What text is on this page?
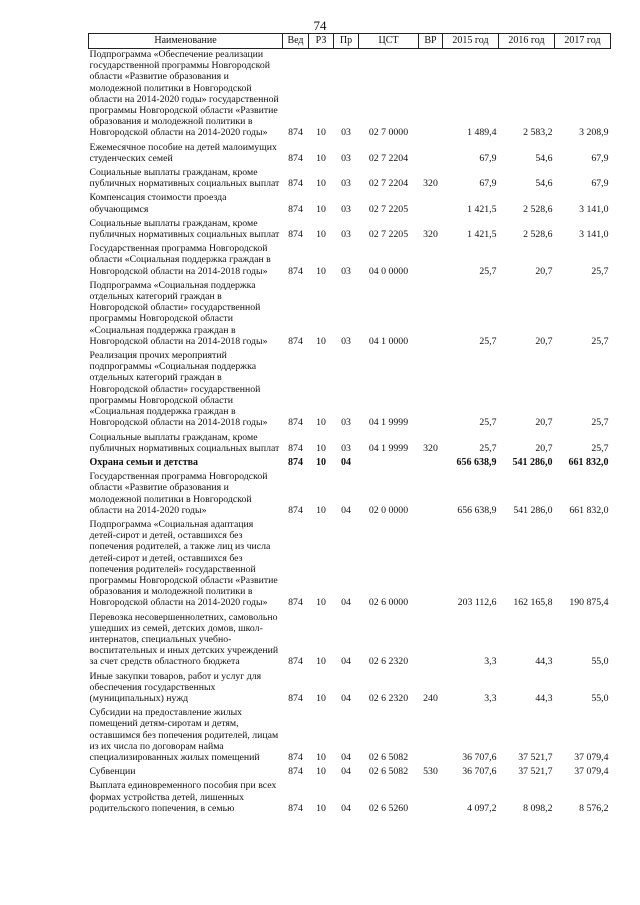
74
Наименование	Вед	РЗ	Пр	ЦСТ	ВР	2015 год	2016 год	2017 год
Подпрограмма «Обеспечение реализации государственной программы Новгородской области «Развитие образования и молодежной политики в Новгородской области на 2014-2020 годы» государственной программы Новгородской области «Развитие образования и молодежной политики в Новгородской области на 2014-2020 годы»	874	10	03	02 7 0000		1 489,4	2 583,2	3 208,9
Ежемесячное пособие на детей малоимущих студенческих семей	874	10	03	02 7 2204		67,9	54,6	67,9
Социальные выплаты гражданам, кроме публичных нормативных социальных выплат	874	10	03	02 7 2204	320	67,9	54,6	67,9
Компенсация стоимости проезда обучающимся	874	10	03	02 7 2205		1 421,5	2 528,6	3 141,0
Социальные выплаты гражданам, кроме публичных нормативных социальных выплат	874	10	03	02 7 2205	320	1 421,5	2 528,6	3 141,0
Государственная программа Новгородской области «Социальная поддержка граждан в Новгородской области на 2014-2018 годы»	874	10	03	04 0 0000		25,7	20,7	25,7
Подпрограмма «Социальная поддержка отдельных категорий граждан в Новгородской области» государственной программы Новгородской области «Социальная поддержка граждан в Новгородской области на 2014-2018 годы»	874	10	03	04 1 0000		25,7	20,7	25,7
Реализация прочих мероприятий подпрограммы «Социальная поддержка отдельных категорий граждан в Новгородской области» государственной программы Новгородской области «Социальная поддержка граждан в Новгородской области на 2014-2018 годы»	874	10	03	04 1 9999		25,7	20,7	25,7
Социальные выплаты гражданам, кроме публичных нормативных социальных выплат	874	10	03	04 1 9999	320	25,7	20,7	25,7
Охрана семьи и детства	874	10	04			656 638,9	541 286,0	661 832,0
Государственная программа Новгородской области «Развитие образования и молодежной политики в Новгородской области на 2014-2020 годы»	874	10	04	02 0 0000		656 638,9	541 286,0	661 832,0
Подпрограмма «Социальная адаптация детей-сирот и детей, оставшихся без попечения родителей, а также лиц из числа детей-сирот и детей, оставшихся без попечения родителей» государственной программы Новгородской области «Развитие образования и молодежной политики в Новгородской области на 2014-2020 годы»	874	10	04	02 6 0000		203 112,6	162 165,8	190 875,4
Перевозка несовершеннолетних, самовольно ушедших из семей, детских домов, школ-интернатов, специальных учебно-воспитательных и иных детских учреждений за счет средств областного бюджета	874	10	04	02 6 2320		3,3	44,3	55,0
Иные закупки товаров, работ и услуг для обеспечения государственных (муниципальных) нужд	874	10	04	02 6 2320	240	3,3	44,3	55,0
Субсидии на предоставление жилых помещений детям-сиротам и детям, оставшимся без попечения родителей, лицам из их числа по договорам найма специализированных жилых помещений	874	10	04	02 6 5082		36 707,6	37 521,7	37 079,4
Субвенции	874	10	04	02 6 5082	530	36 707,6	37 521,7	37 079,4
Выплата единовременного пособия при всех формах устройства детей, лишенных родительского попечения, в семью	874	10	04	02 6 5260		4 097,2	8 098,2	8 576,2
